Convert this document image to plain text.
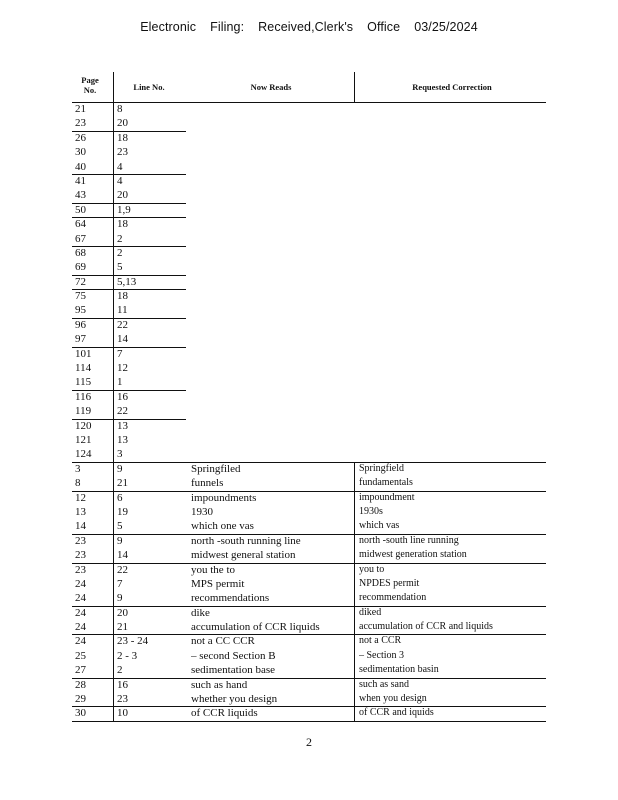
Electronic Filing: Received,Clerk's Office 03/25/2024
Page
No.	Line No.	Now Reads	Requested Correction
21	8
23	20
26	18
30	23
40	4
41	4
43	20
50	1,9
64	18
67	2
68	2
69	5
72	5,13
75	18
95	11
96	22
97	14
101	7
114	12
115	1
116	16
119	22
120	13
121	13
124	3
3	9	Springfiled	Springfield
8	21	funnels	fundamentals
12	6	impoundments	impoundment
13	19	1930	1930s
14	5	which one vas	which vas
23	9	north -south running line	north -south line running
23	14	midwest general station	midwest generation station
23	22	you the to	you to
24	7	MPS permit	NPDES permit
24	9	recommendations	recommendation
24	20	dike	diked
24	21	accumulation of CCR liquids	accumulation of CCR and liquids
24	23 - 24	not a CC CCR	not a CCR
25	2 - 3	– second Section B	– Section 3
27	2	sedimentation base	sedimentation basin
28	16	such as hand	such as sand
29	23	whether you design	when you design
30	10	of CCR liquids	of CCR and iquids
2
